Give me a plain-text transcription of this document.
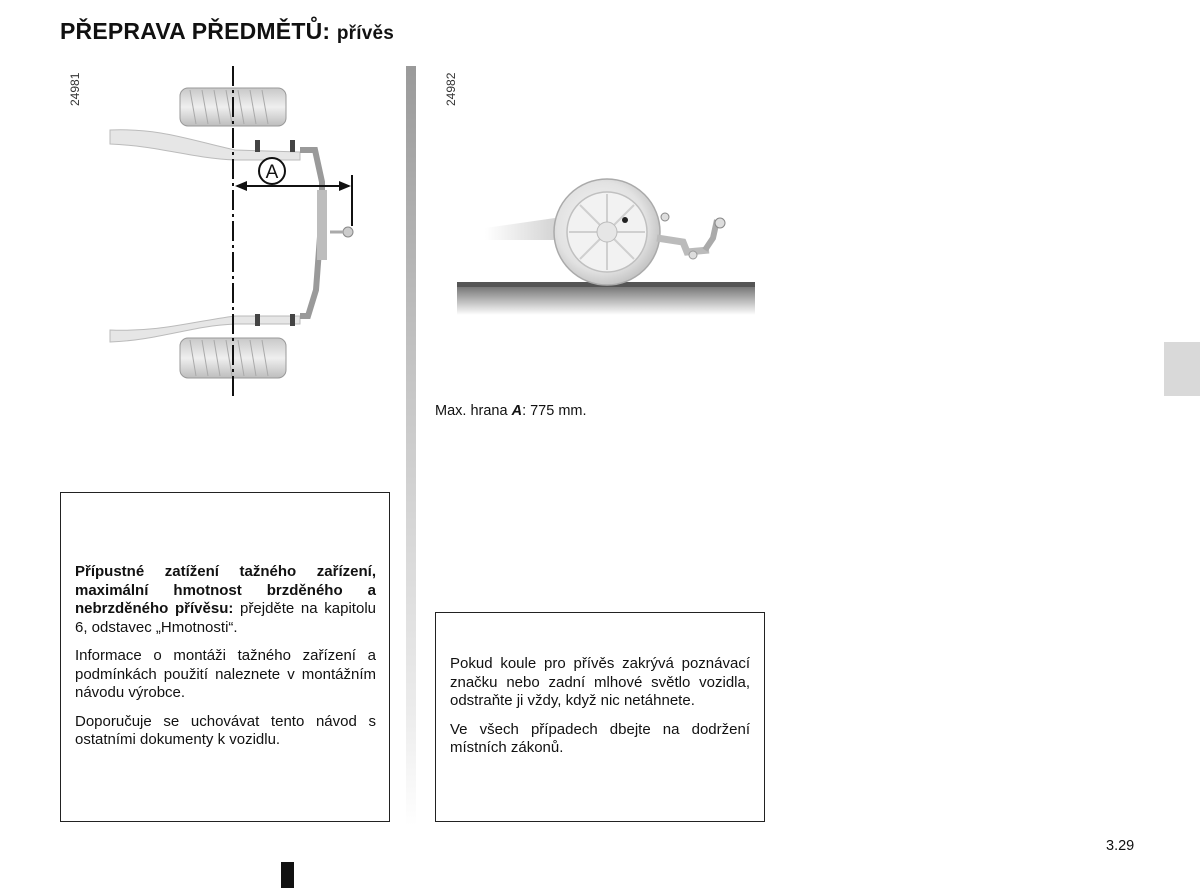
PŘEPRAVA PŘEDMĚTŮ: přívěs
24981
A
24982
Max. hrana A: 775 mm.

Přípustné zatížení tažného zařízení, maximální hmotnost brzděného a nebrzděného přívěsu: přejděte na kapitolu 6, odstavec „Hmotnosti“.

Informace o montáži tažného zařízení a podmínkách použití naleznete v montážním návodu výrobce.

Doporučuje se uchovávat tento návod s ostatními dokumenty k vozidlu.

Pokud koule pro přívěs zakrývá poznávací značku nebo zadní mlhové světlo vozidla, odstraňte ji vždy, když nic netáhnete.

Ve všech případech dbejte na dodržení místních zákonů.

3.29
